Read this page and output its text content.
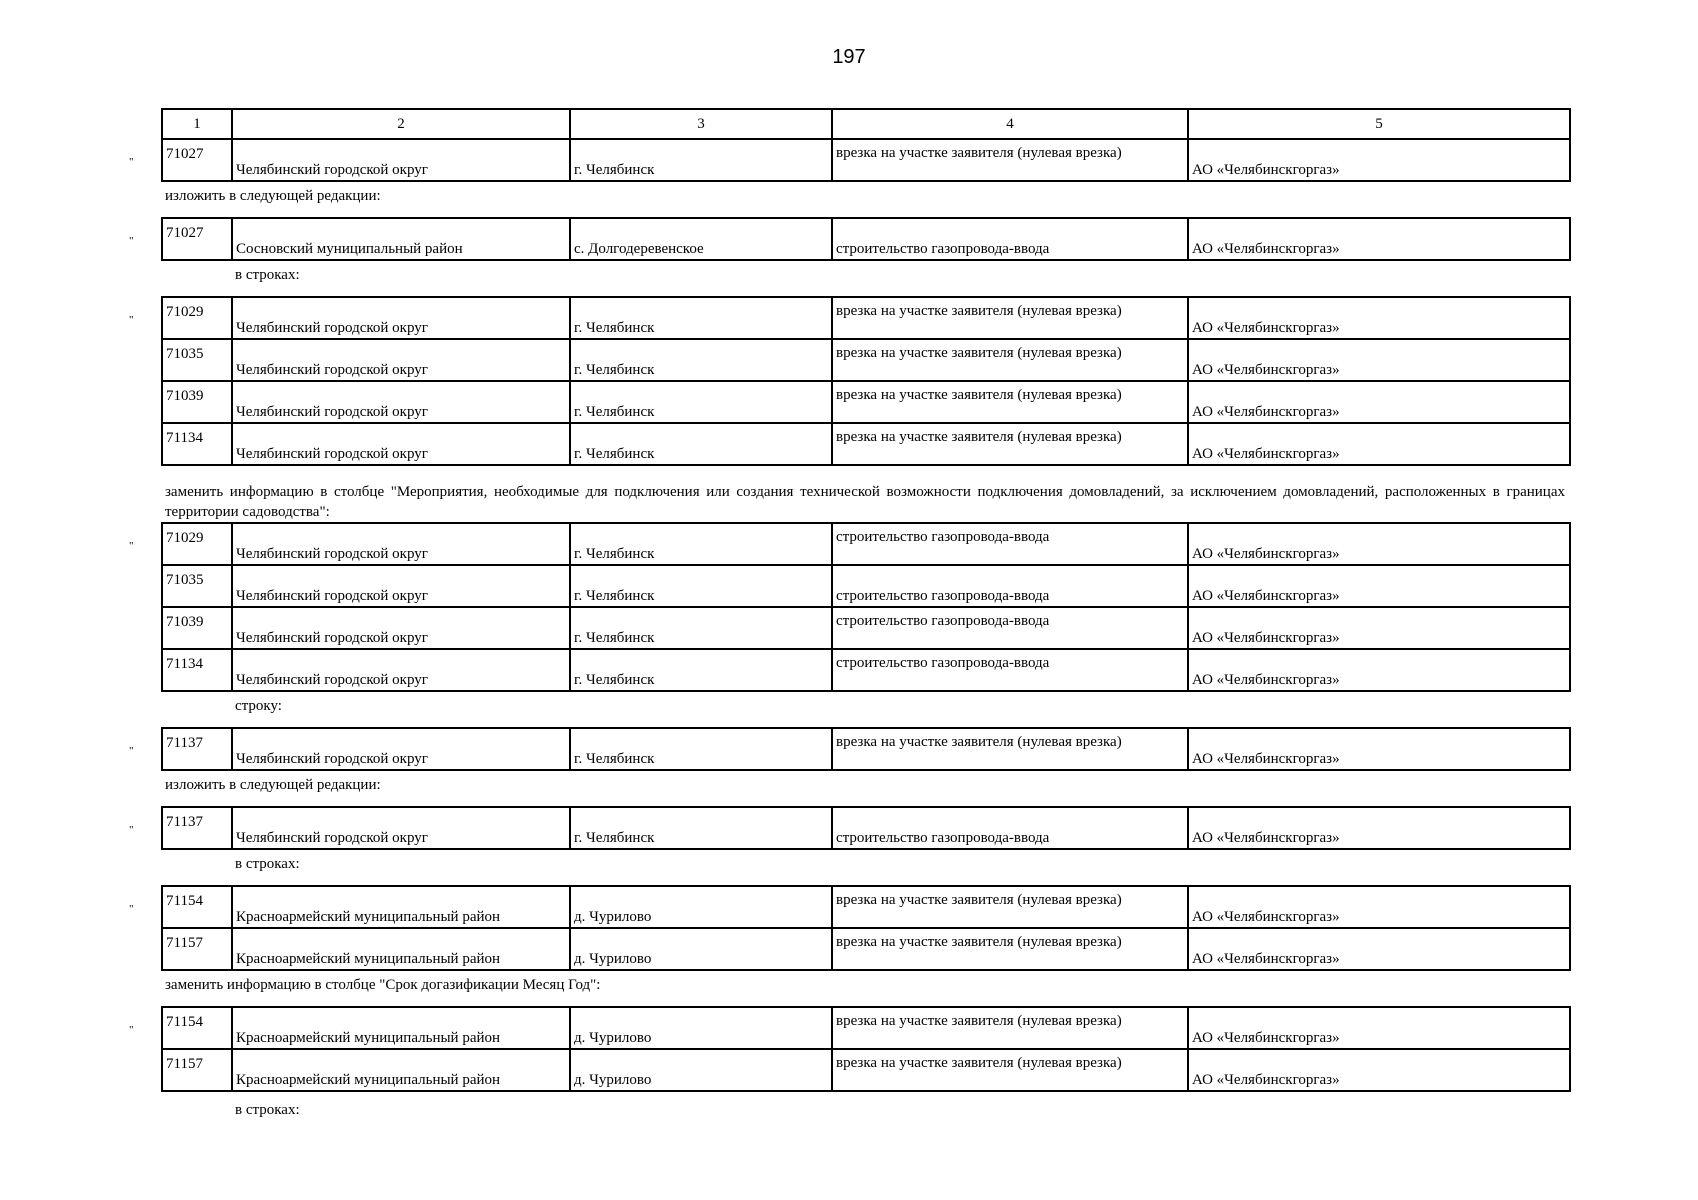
197
1	2	3	4	5

" 71027	Челябинский городской округ	г. Челябинск	врезка на участке заявителя (нулевая врезка)	АО «Челябинскгоргаз»
изложить в следующей редакции:
" 71027	Сосновский муниципальный район	с. Долгодеревенское	строительство газопровода-ввода	АО «Челябинскгоргаз»
в строках:
" 71029	Челябинский городской округ	г. Челябинск	врезка на участке заявителя (нулевая врезка)	АО «Челябинскгоргаз»
71035	Челябинский городской округ	г. Челябинск	врезка на участке заявителя (нулевая врезка)	АО «Челябинскгоргаз»
71039	Челябинский городской округ	г. Челябинск	врезка на участке заявителя (нулевая врезка)	АО «Челябинскгоргаз»
71134	Челябинский городской округ	г. Челябинск	врезка на участке заявителя (нулевая врезка)	АО «Челябинскгоргаз»
заменить информацию в столбце "Мероприятия, необходимые для подключения или создания технической возможности подключения домовладений, за исключением домовладений, расположенных в границах территории садоводства":
" 71029	Челябинский городской округ	г. Челябинск	строительство газопровода-ввода	АО «Челябинскгоргаз»
71035	Челябинский городской округ	г. Челябинск	строительство газопровода-ввода	АО «Челябинскгоргаз»
71039	Челябинский городской округ	г. Челябинск	строительство газопровода-ввода	АО «Челябинскгоргаз»
71134	Челябинский городской округ	г. Челябинск	строительство газопровода-ввода	АО «Челябинскгоргаз»
строку:
" 71137	Челябинский городской округ	г. Челябинск	врезка на участке заявителя (нулевая врезка)	АО «Челябинскгоргаз»
изложить в следующей редакции:
" 71137	Челябинский городской округ	г. Челябинск	строительство газопровода-ввода	АО «Челябинскгоргаз»
в строках:
" 71154	Красноармейский муниципальный район	д. Чурилово	врезка на участке заявителя (нулевая врезка)	АО «Челябинскгоргаз»
71157	Красноармейский муниципальный район	д. Чурилово	врезка на участке заявителя (нулевая врезка)	АО «Челябинскгоргаз»
заменить информацию в столбце "Срок догазификации Месяц Год":
" 71154	Красноармейский муниципальный район	д. Чурилово	врезка на участке заявителя (нулевая врезка)	АО «Челябинскгоргаз»
71157	Красноармейский муниципальный район	д. Чурилово	врезка на участке заявителя (нулевая врезка)	АО «Челябинскгоргаз»
в строках:
